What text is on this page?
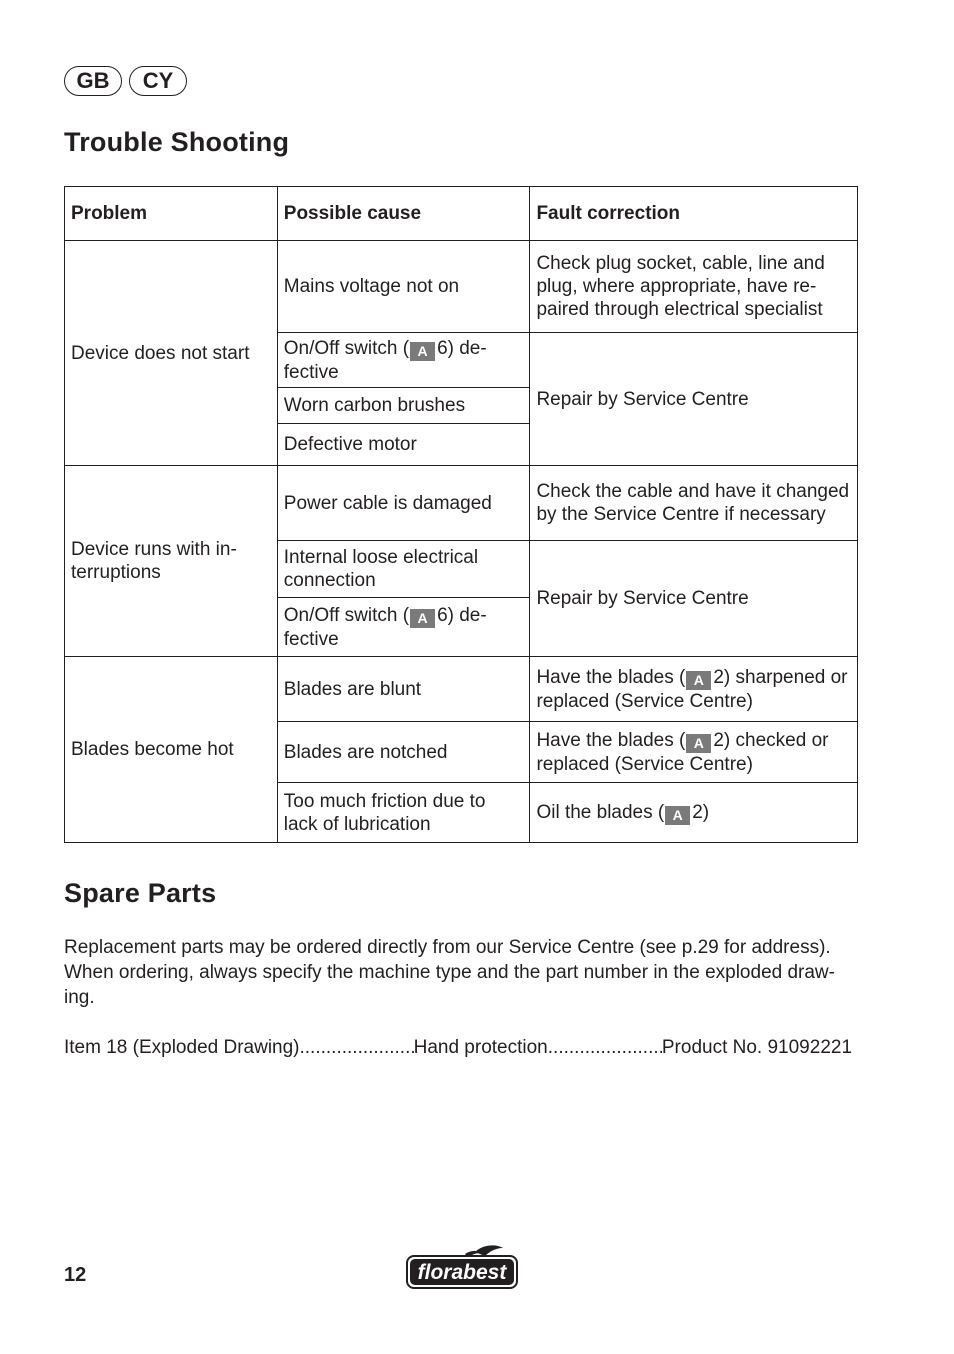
GB	CY
Trouble Shooting
Problem	Possible cause	Fault correction
Device does not start	Mains voltage not on	Check plug socket, cable, line and plug, where appropriate, have re-paired through electrical specialist
	On/Off switch ( A 6) de-fective	Repair by Service Centre
	Worn carbon brushes	
	Defective motor	
Device runs with in-terruptions	Power cable is damaged	Check the cable and have it changed by the Service Centre if necessary
	Internal loose electrical connection	Repair by Service Centre
	On/Off switch ( A 6) de-fective	
Blades become hot	Blades are blunt	Have the blades ( A 2) sharpened or replaced (Service Centre)
	Blades are notched	Have the blades ( A 2) checked or replaced (Service Centre)
	Too much friction due to lack of lubrication	Oil the blades ( A 2)
Spare Parts

Replacement parts may be ordered directly from our Service Centre (see p.29 for address). When ordering, always specify the machine type and the part number in the exploded draw-ing.

Item 18 (Exploded Drawing) .....	Hand protection .....	Product No. 91092221
12	florabest
